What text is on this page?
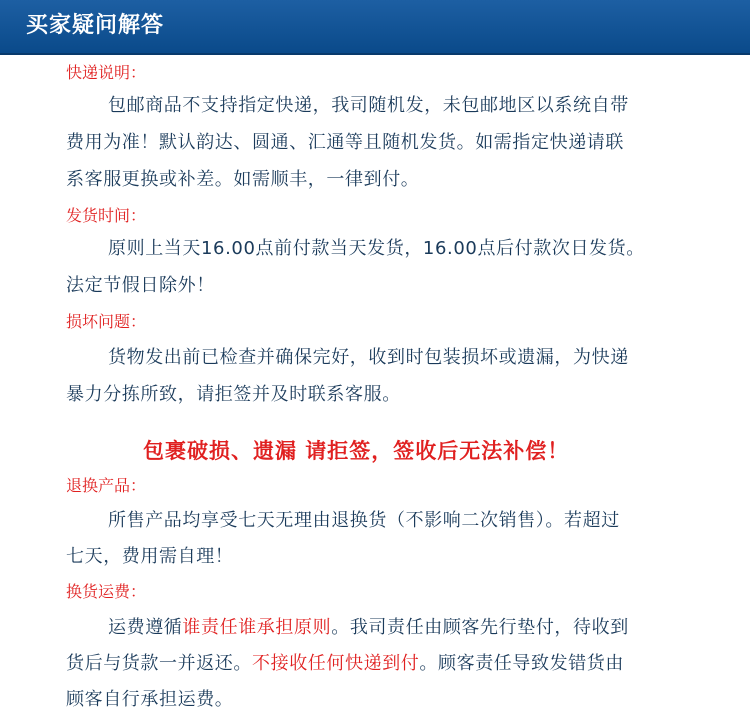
买家疑问解答
快递说明：
包邮商品不支持指定快递，我司随机发，未包邮地区以系统自带
费用为准！默认韵达、圆通、汇通等且随机发货。如需指定快递请联
系客服更换或补差。如需顺丰，一律到付。
发货时间：
原则上当天16.00点前付款当天发货，16.00点后付款次日发货。
法定节假日除外！
损坏问题：
货物发出前已检查并确保完好，收到时包装损坏或遗漏，为快递
暴力分拣所致，请拒签并及时联系客服。
包裹破损、遗漏 请拒签，签收后无法补偿！
退换产品：
所售产品均享受七天无理由退换货（不影响二次销售）。若超过
七天，费用需自理！
换货运费：
运费遵循谁责任谁承担原则。我司责任由顾客先行垫付，待收到
货后与货款一并返还。不接收任何快递到付。顾客责任导致发错货由
顾客自行承担运费。
